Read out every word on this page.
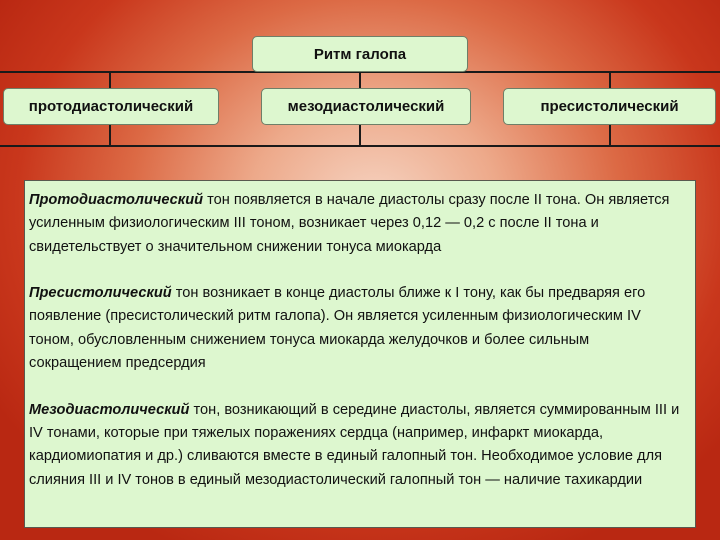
Ритм галопа
протодиастолический	мезодиастолический	пресистолический

Протодиастолический тон появляется в начале диастолы сразу после II тона. Он является усиленным физиологическим III тоном, возникает через 0,12 — 0,2 с после II тона и свидетельствует о значительном снижении тонуса миокарда

Пресистолический тон возникает в конце диастолы ближе к I тону, как бы предваряя его появление (пресистолический ритм галопа). Он является усиленным физиологическим IV тоном, обусловленным снижением тонуса миокарда желудочков и более сильным сокращением предсердия

Мезодиастолический тон, возникающий в середине диастолы, является суммированным III и IV тонами, которые при тяжелых поражениях сердца (например, инфаркт миокарда, кардиомиопатия и др.) сливаются вместе в единый галопный тон. Необходимое условие для слияния III и IV тонов в единый мезодиастолический галопный тон — наличие тахикардии
